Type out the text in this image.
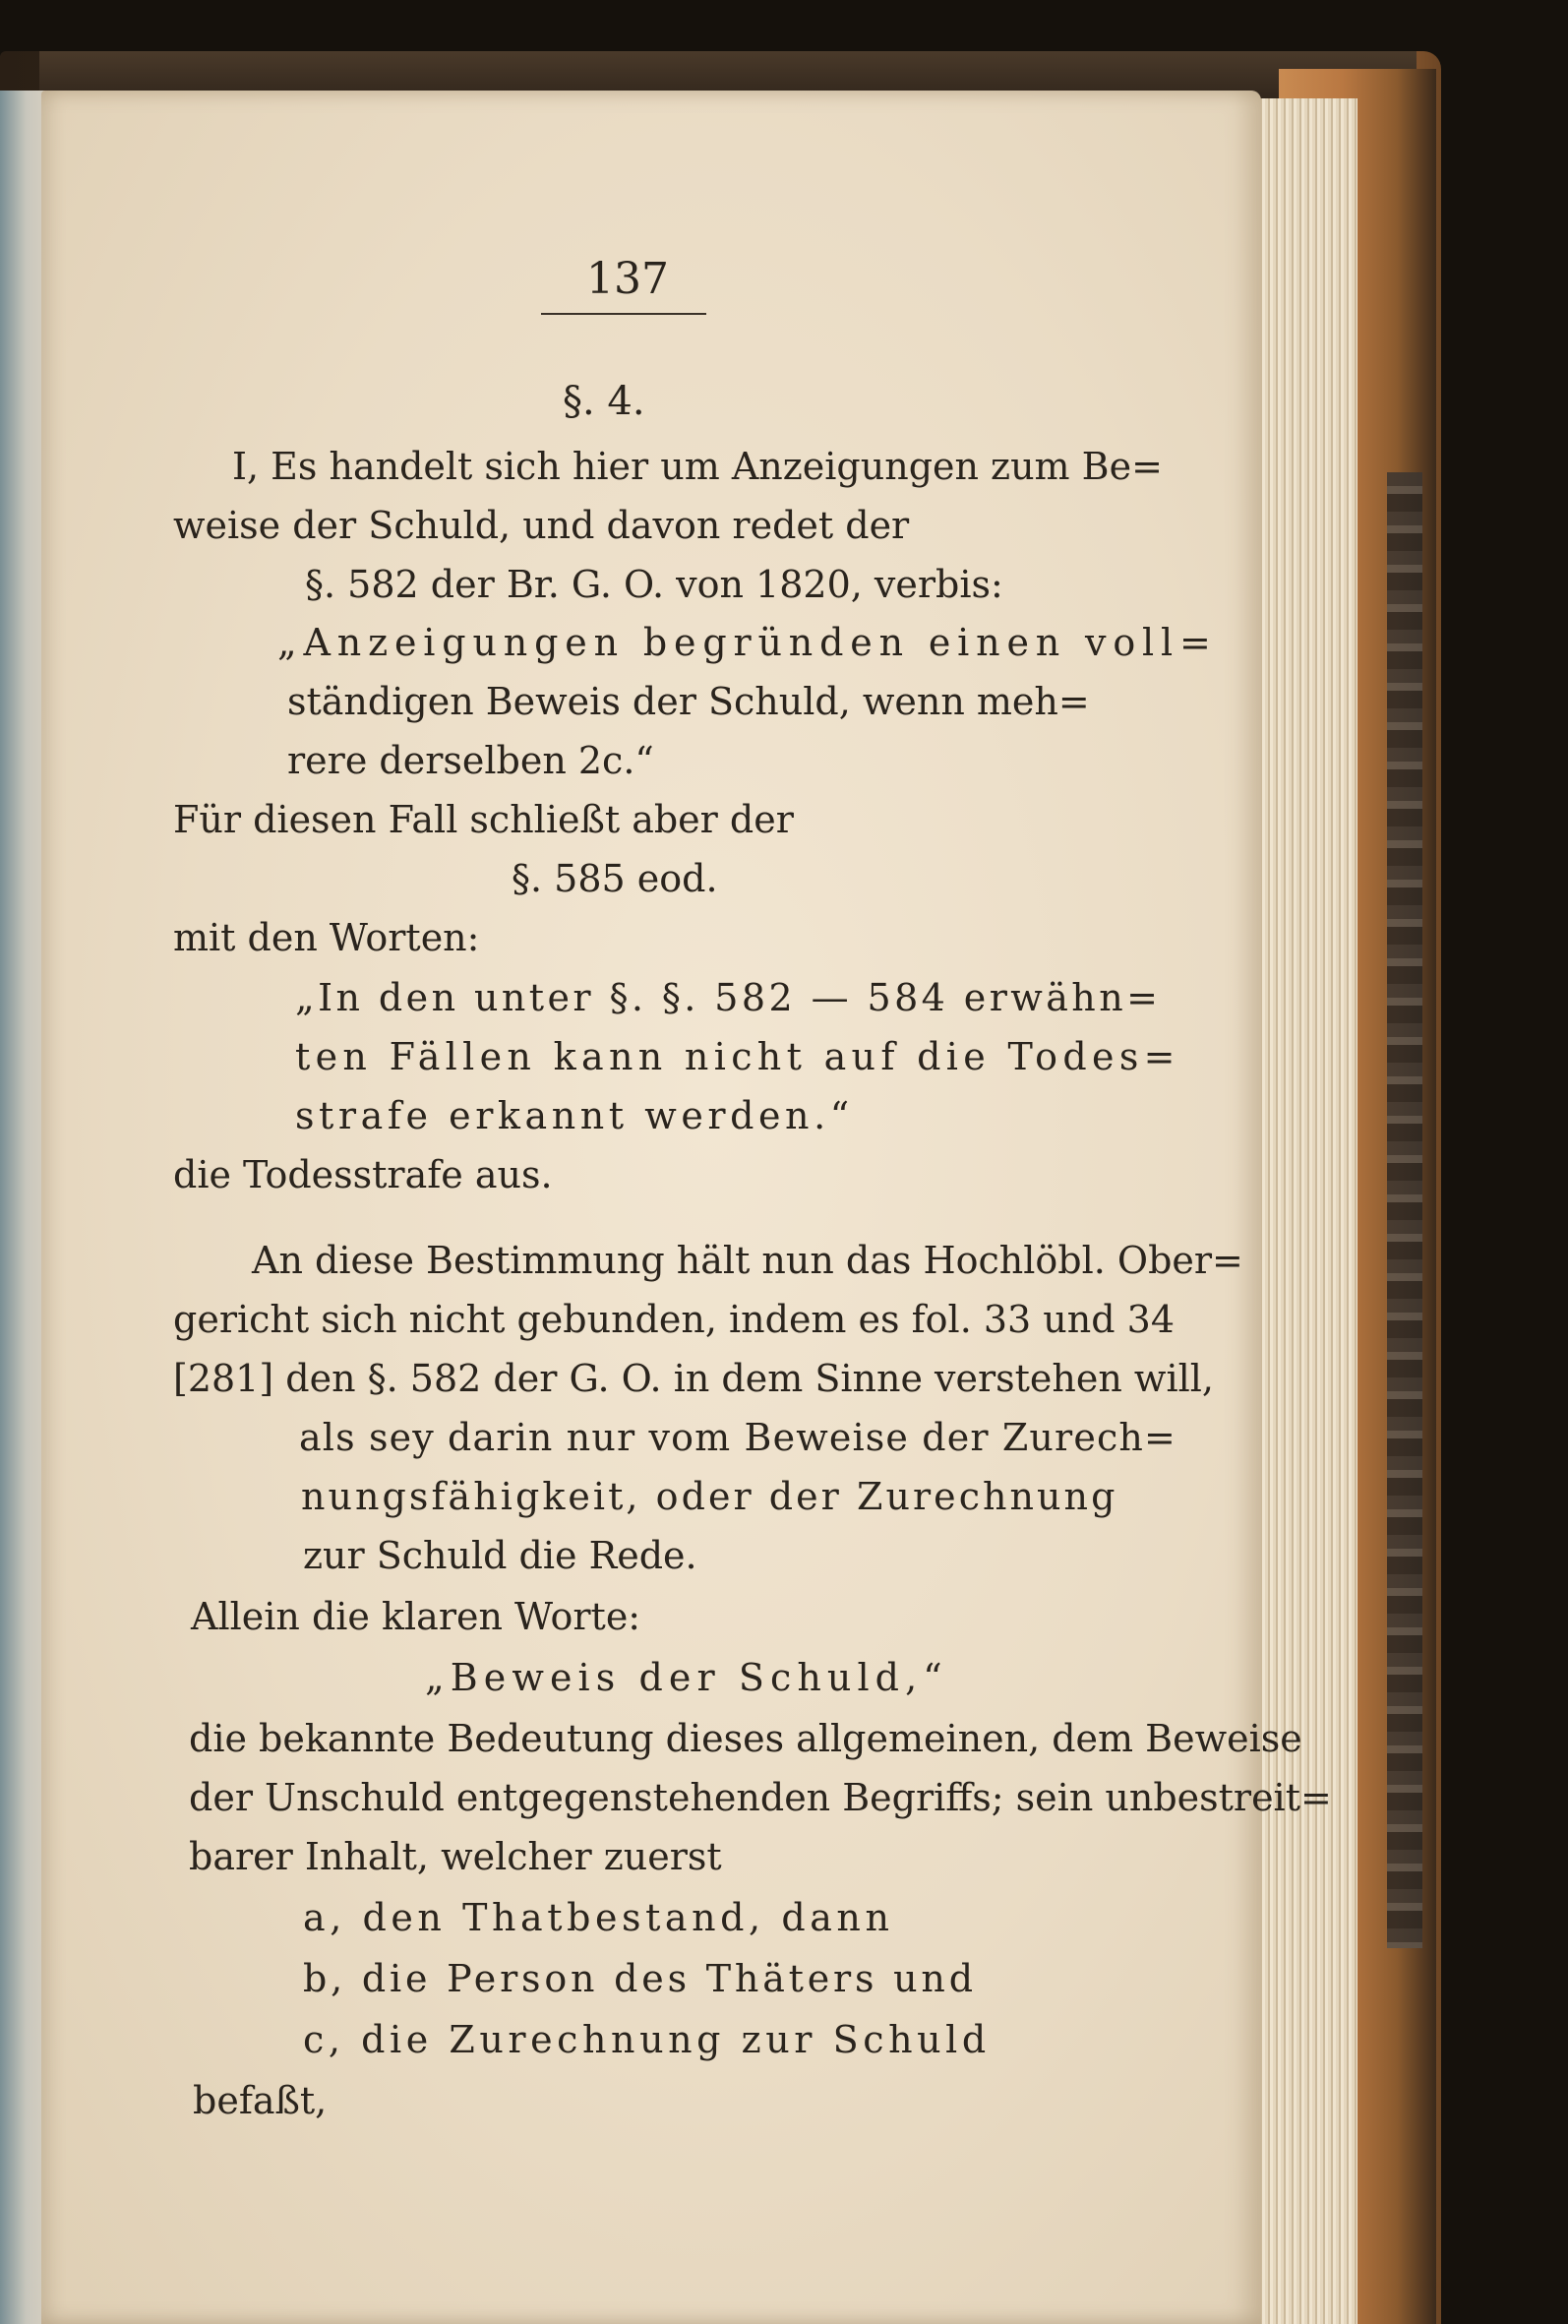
137
§. 4.
I, Es handelt sich hier um Anzeigungen zum Be=
weise der Schuld, und davon redet der
§. 582 der Br. G. O. von 1820, verbis:
„Anzeigungen begründen einen voll=
ständigen Beweis der Schuld, wenn meh=
rere derselben 2c.“
Für diesen Fall schließt aber der
§. 585 eod.
mit den Worten:
„In den unter §. §. 582 — 584 erwähn=
ten Fällen kann nicht auf die Todes=
strafe erkannt werden.“
die Todesstrafe aus.
An diese Bestimmung hält nun das Hochlöbl. Ober=
gericht sich nicht gebunden, indem es fol. 33 und 34
[281] den §. 582 der G. O. in dem Sinne verstehen will,
als sey darin nur vom Beweise der Zurech=
nungsfähigkeit, oder der Zurechnung
zur Schuld die Rede.
Allein die klaren Worte:
„Beweis der Schuld,“
die bekannte Bedeutung dieses allgemeinen, dem Beweise
der Unschuld entgegenstehenden Begriffs; sein unbestreit=
barer Inhalt, welcher zuerst
a, den Thatbestand, dann
b, die Person des Thäters und
c, die Zurechnung zur Schuld
befaßt,
